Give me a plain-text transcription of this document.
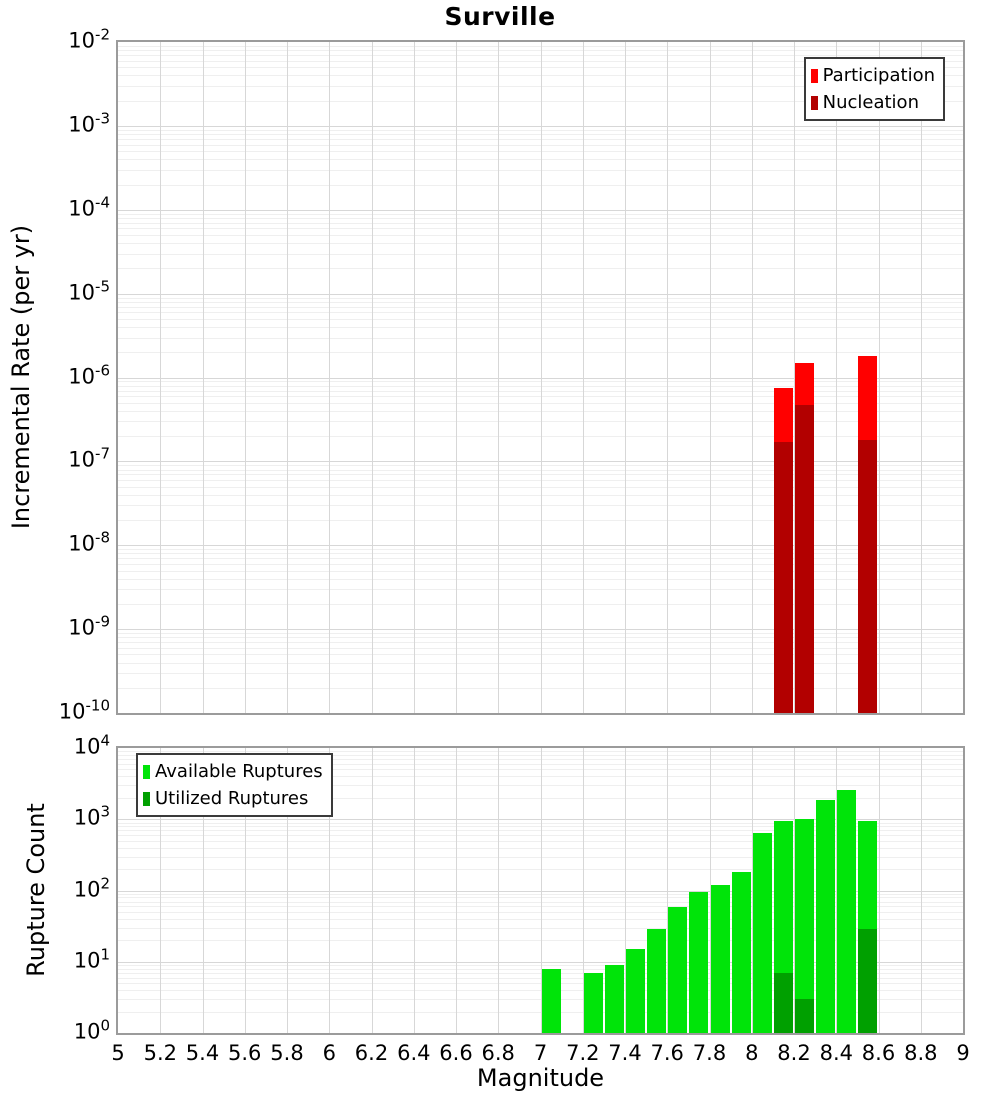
Surville
Incremental Rate (per yr)
Rupture Count
Magnitude
$10^{-2}$
$10^{-3}$
$10^{-4}$
$10^{-5}$
$10^{-6}$
$10^{-7}$
$10^{-8}$
$10^{-9}$
$10^{-10}$
$10^4$
$10^3$
$10^2$
$10^1$
$10^0$
5 5.2 5.4 5.6 5.8 6 6.2 6.4 6.6 6.8 7 7.2 7.4 7.6 7.8 8 8.2 8.4 8.6 8.8 9
Participation
Nucleation
Available Ruptures
Utilized Ruptures
